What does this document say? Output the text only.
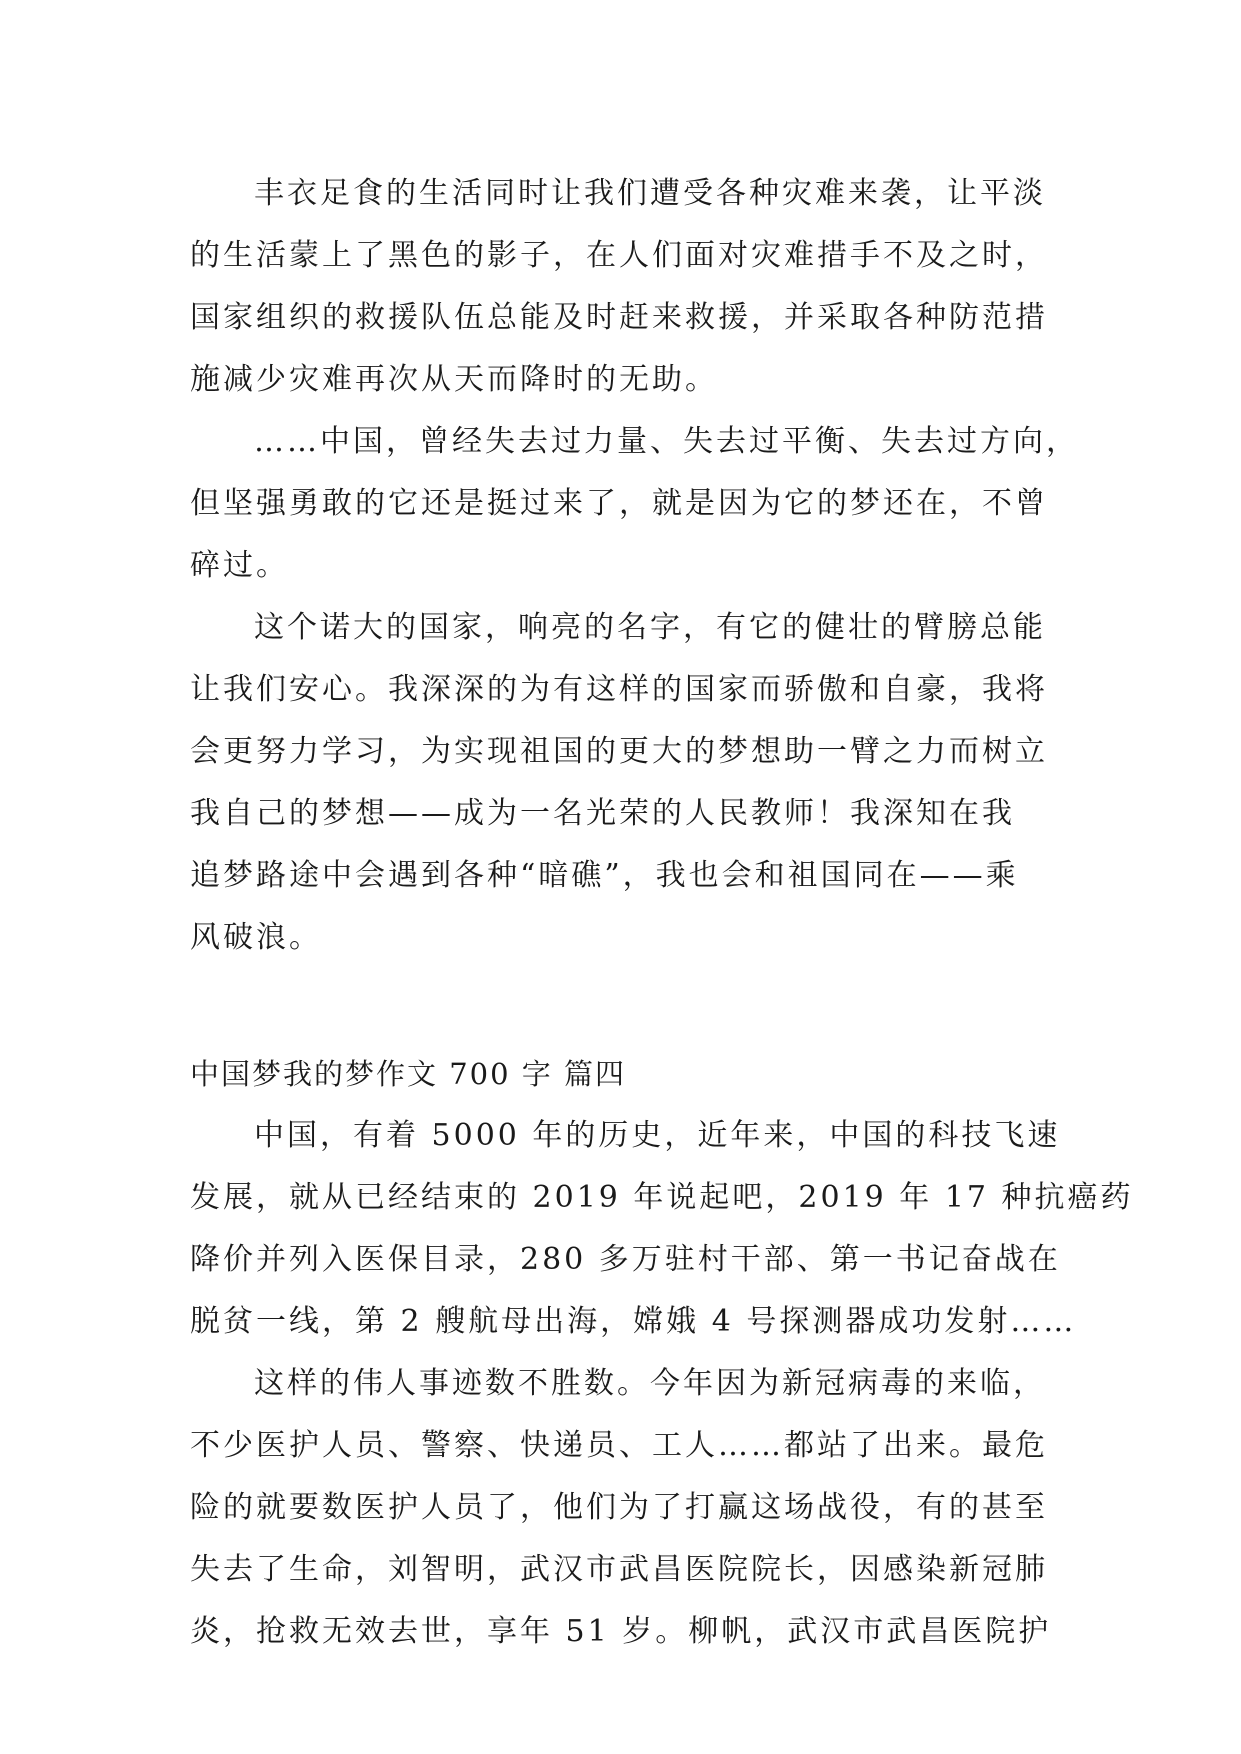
丰衣足食的生活同时让我们遭受各种灾难来袭，让平淡
的生活蒙上了黑色的影子，在人们面对灾难措手不及之时，
国家组织的救援队伍总能及时赶来救援，并采取各种防范措
施减少灾难再次从天而降时的无助。

……中国，曾经失去过力量、失去过平衡、失去过方向，
但坚强勇敢的它还是挺过来了，就是因为它的梦还在，不曾
碎过。

这个诺大的国家，响亮的名字，有它的健壮的臂膀总能
让我们安心。我深深的为有这样的国家而骄傲和自豪，我将
会更努力学习，为实现祖国的更大的梦想助一臂之力而树立
我自己的梦想——成为一名光荣的人民教师！我深知在我
追梦路途中会遇到各种“暗礁”，我也会和祖国同在——乘
风破浪。

中国梦我的梦作文 700 字 篇四

中国，有着 5000 年的历史，近年来，中国的科技飞速
发展，就从已经结束的 2019 年说起吧，2019 年 17 种抗癌药
降价并列入医保目录，280 多万驻村干部、第一书记奋战在
脱贫一线，第 2 艘航母出海，嫦娥 4 号探测器成功发射……

这样的伟人事迹数不胜数。今年因为新冠病毒的来临，
不少医护人员、警察、快递员、工人……都站了出来。最危
险的就要数医护人员了，他们为了打赢这场战役，有的甚至
失去了生命，刘智明，武汉市武昌医院院长，因感染新冠肺
炎，抢救无效去世，享年 51 岁。柳帆，武汉市武昌医院护
